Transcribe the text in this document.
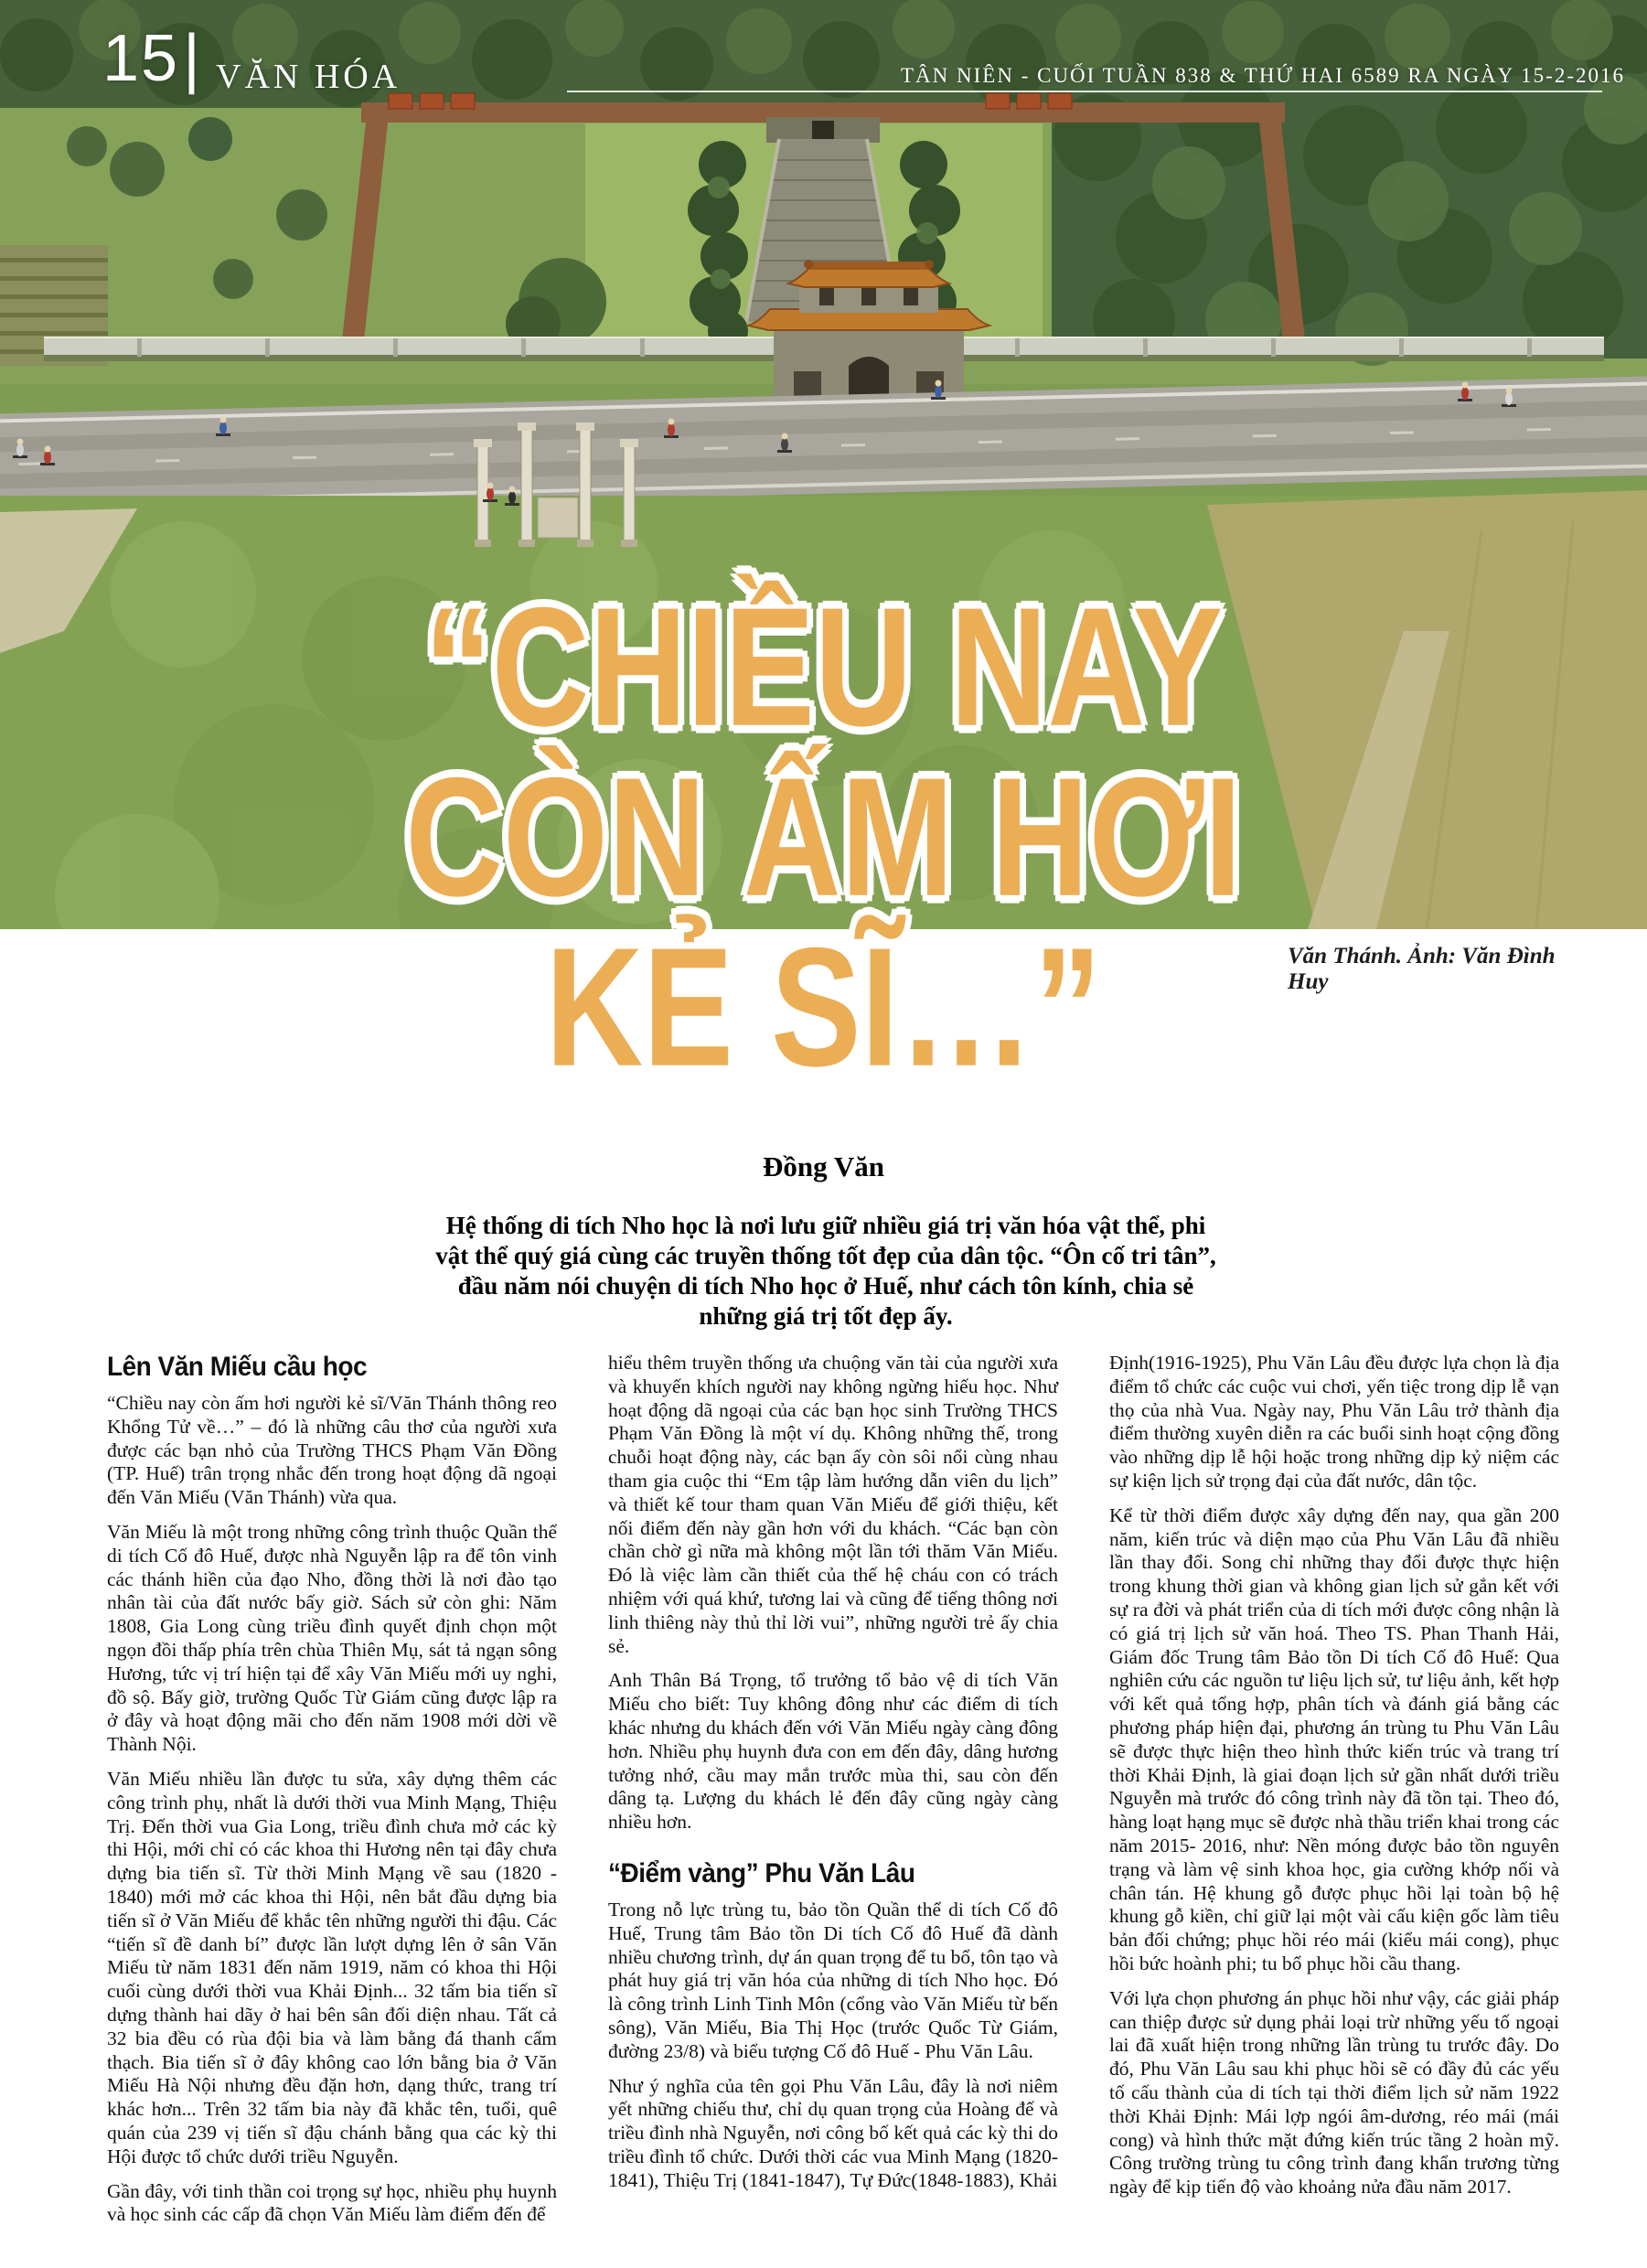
15| VĂN HÓA	TÂN NIÊN - CUỐI TUẦN 838 & THỨ HAI 6589 RA NGÀY 15-2-2016
“CHIỀU NAY
CÒN ẤM HƠI
KẺ SĨ…”	Văn Thánh. Ảnh: Văn Đình Huy
Đồng Văn
Hệ thống di tích Nho học là nơi lưu giữ nhiều giá trị văn hóa vật thể, phi vật thể quý giá cùng các truyền thống tốt đẹp của dân tộc. “Ôn cố tri tân”, đầu năm nói chuyện di tích Nho học ở Huế, như cách tôn kính, chia sẻ những giá trị tốt đẹp ấy.
Lên Văn Miếu cầu học

“Chiều nay còn ấm hơi người kẻ sĩ/Văn Thánh thông reo Khổng Tử về…” – đó là những câu thơ của người xưa được các bạn nhỏ của Trường THCS Phạm Văn Đồng (TP. Huế) trân trọng nhắc đến trong hoạt động dã ngoại đến Văn Miếu (Văn Thánh) vừa qua.

Văn Miếu là một trong những công trình thuộc Quần thể di tích Cố đô Huế, được nhà Nguyễn lập ra để tôn vinh các thánh hiền của đạo Nho, đồng thời là nơi đào tạo nhân tài của đất nước bấy giờ. Sách sử còn ghi: Năm 1808, Gia Long cùng triều đình quyết định chọn một ngọn đồi thấp phía trên chùa Thiên Mụ, sát tả ngạn sông Hương, tức vị trí hiện tại để xây Văn Miếu mới uy nghi, đồ sộ. Bấy giờ, trường Quốc Từ Giám cũng được lập ra ở đây và hoạt động mãi cho đến năm 1908 mới dời về Thành Nội.

Văn Miếu nhiều lần được tu sửa, xây dựng thêm các công trình phụ, nhất là dưới thời vua Minh Mạng, Thiệu Trị. Đến thời vua Gia Long, triều đình chưa mở các kỳ thi Hội, mới chỉ có các khoa thi Hương nên tại đây chưa dựng bia tiến sĩ. Từ thời Minh Mạng về sau (1820 - 1840) mới mở các khoa thi Hội, nên bắt đầu dựng bia tiến sĩ ở Văn Miếu để khắc tên những người thi đậu. Các “tiến sĩ đề danh bí” được lần lượt dựng lên ở sân Văn Miếu từ năm 1831 đến năm 1919, năm có khoa thi Hội cuối cùng dưới thời vua Khải Định... 32 tấm bia tiến sĩ dựng thành hai dãy ở hai bên sân đối diện nhau. Tất cả 32 bia đều có rùa đội bia và làm bằng đá thanh cẩm thạch. Bia tiến sĩ ở đây không cao lớn bằng bia ở Văn Miếu Hà Nội nhưng đều đặn hơn, dạng thức, trang trí khác hơn... Trên 32 tấm bia này đã khắc tên, tuổi, quê quán của 239 vị tiến sĩ đậu chánh bằng qua các kỳ thi Hội được tổ chức dưới triều Nguyễn.

Gần đây, với tinh thần coi trọng sự học, nhiều phụ huynh và học sinh các cấp đã chọn Văn Miếu làm điểm đến để

hiểu thêm truyền thống ưa chuộng văn tài của người xưa và khuyến khích người nay không ngừng hiếu học. Như hoạt động dã ngoại của các bạn học sinh Trường THCS Phạm Văn Đồng là một ví dụ. Không những thế, trong chuỗi hoạt động này, các bạn ấy còn sôi nổi cùng nhau tham gia cuộc thi “Em tập làm hướng dẫn viên du lịch” và thiết kế tour tham quan Văn Miếu để giới thiệu, kết nối điểm đến này gần hơn với du khách. “Các bạn còn chần chờ gì nữa mà không một lần tới thăm Văn Miếu. Đó là việc làm cần thiết của thế hệ cháu con có trách nhiệm với quá khứ, tương lai và cũng để tiếng thông nơi linh thiêng này thủ thỉ lời vui”, những người trẻ ấy chia sẻ.

Anh Thân Bá Trọng, tổ trưởng tổ bảo vệ di tích Văn Miếu cho biết: Tuy không đông như các điểm di tích khác nhưng du khách đến với Văn Miếu ngày càng đông hơn. Nhiều phụ huynh đưa con em đến đây, dâng hương tưởng nhớ, cầu may mắn trước mùa thi, sau còn đến dâng tạ. Lượng du khách lẻ đến đây cũng ngày càng nhiều hơn.

“Điểm vàng” Phu Văn Lâu

Trong nỗ lực trùng tu, bảo tồn Quần thể di tích Cố đô Huế, Trung tâm Bảo tồn Di tích Cố đô Huế đã dành nhiều chương trình, dự án quan trọng để tu bổ, tôn tạo và phát huy giá trị văn hóa của những di tích Nho học. Đó là công trình Linh Tinh Môn (cổng vào Văn Miếu từ bến sông), Văn Miếu, Bia Thị Học (trước Quốc Từ Giám, đường 23/8) và biểu tượng Cố đô Huế - Phu Văn Lâu.

Như ý nghĩa của tên gọi Phu Văn Lâu, đây là nơi niêm yết những chiếu thư, chỉ dụ quan trọng của Hoàng đế và triều đình nhà Nguyễn, nơi công bố kết quả các kỳ thi do triều đình tổ chức. Dưới thời các vua Minh Mạng (1820-1841), Thiệu Trị (1841-1847), Tự Đức(1848-1883), Khải

Định(1916-1925), Phu Văn Lâu đều được lựa chọn là địa điểm tổ chức các cuộc vui chơi, yến tiệc trong dịp lễ vạn thọ của nhà Vua. Ngày nay, Phu Văn Lâu trở thành địa điểm thường xuyên diễn ra các buổi sinh hoạt cộng đồng vào những dịp lễ hội hoặc trong những dịp kỷ niệm các sự kiện lịch sử trọng đại của đất nước, dân tộc.

Kể từ thời điểm được xây dựng đến nay, qua gần 200 năm, kiến trúc và diện mạo của Phu Văn Lâu đã nhiều lần thay đổi. Song chỉ những thay đổi được thực hiện trong khung thời gian và không gian lịch sử gắn kết với sự ra đời và phát triển của di tích mới được công nhận là có giá trị lịch sử văn hoá. Theo TS. Phan Thanh Hải, Giám đốc Trung tâm Bảo tồn Di tích Cố đô Huế: Qua nghiên cứu các nguồn tư liệu lịch sử, tư liệu ảnh, kết hợp với kết quả tổng hợp, phân tích và đánh giá bằng các phương pháp hiện đại, phương án trùng tu Phu Văn Lâu sẽ được thực hiện theo hình thức kiến trúc và trang trí thời Khải Định, là giai đoạn lịch sử gần nhất dưới triều Nguyễn mà trước đó công trình này đã tồn tại. Theo đó, hàng loạt hạng mục sẽ được nhà thầu triển khai trong các năm 2015- 2016, như: Nền móng được bảo tồn nguyên trạng và làm vệ sinh khoa học, gia cường khớp nối và chân tán. Hệ khung gỗ được phục hồi lại toàn bộ hệ khung gỗ kiền, chỉ giữ lại một vài cấu kiện gốc làm tiêu bản đối chứng; phục hồi réo mái (kiểu mái cong), phục hồi bức hoành phi; tu bổ phục hồi cầu thang.

Với lựa chọn phương án phục hồi như vậy, các giải pháp can thiệp được sử dụng phải loại trừ những yếu tố ngoại lai đã xuất hiện trong những lần trùng tu trước đây. Do đó, Phu Văn Lâu sau khi phục hồi sẽ có đầy đủ các yếu tố cấu thành của di tích tại thời điểm lịch sử năm 1922 thời Khải Định: Mái lợp ngói âm-dương, réo mái (mái cong) và hình thức mặt đứng kiến trúc tầng 2 hoàn mỹ. Công trường trùng tu công trình đang khẩn trương từng ngày để kịp tiến độ vào khoảng nửa đầu năm 2017.
